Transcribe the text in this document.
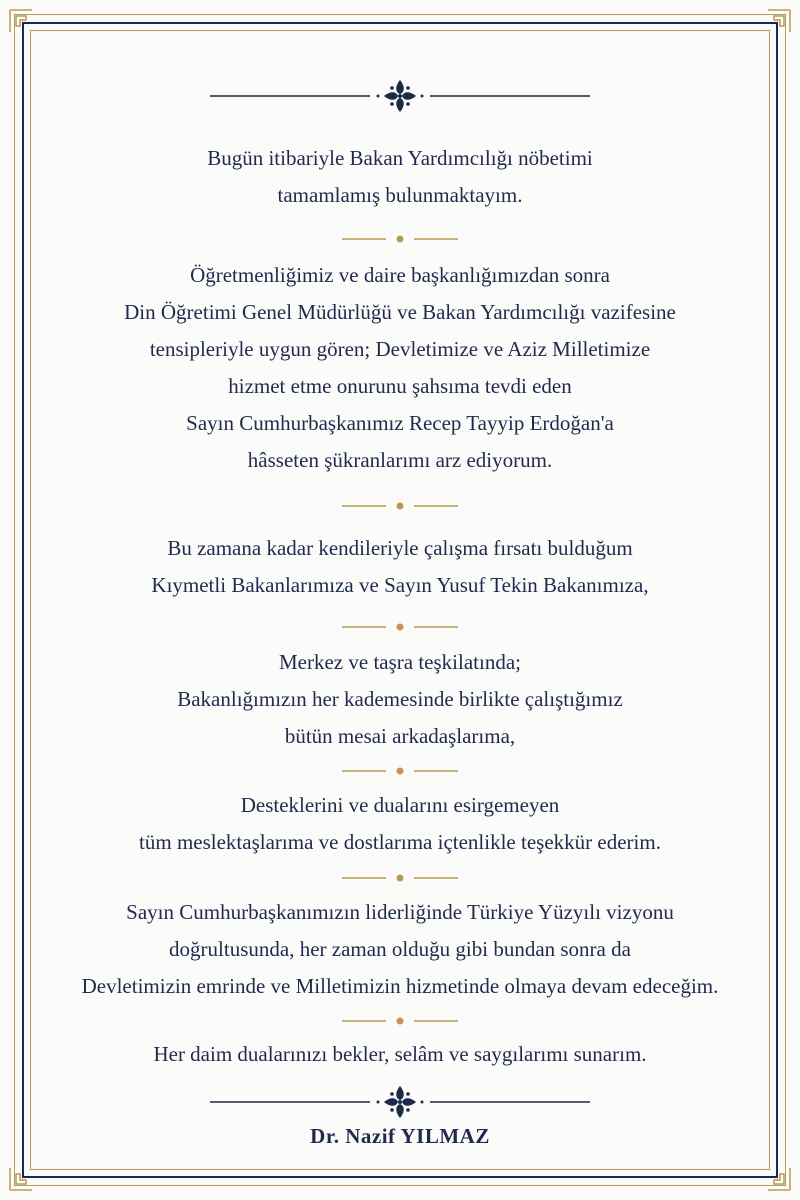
Bugün itibariyle Bakan Yardımcılığı nöbetimi
tamamlamış bulunmaktayım.
Öğretmenliğimiz ve daire başkanlığımızdan sonra
Din Öğretimi Genel Müdürlüğü ve Bakan Yardımcılığı vazifesine
tensipleriyle uygun gören; Devletimize ve Aziz Milletimize
hizmet etme onurunu şahsıma tevdi eden
Sayın Cumhurbaşkanımız Recep Tayyip Erdoğan'a
hâsseten şükranlarımı arz ediyorum.
Bu zamana kadar kendileriyle çalışma fırsatı bulduğum
Kıymetli Bakanlarımıza ve Sayın Yusuf Tekin Bakanımıza,
Merkez ve taşra teşkilatında;
Bakanlığımızın her kademesinde birlikte çalıştığımız
bütün mesai arkadaşlarıma,
Desteklerini ve dualarını esirgemeyen
tüm meslektaşlarıma ve dostlarıma içtenlikle teşekkür ederim.
Sayın Cumhurbaşkanımızın liderliğinde Türkiye Yüzyılı vizyonu
doğrultusunda, her zaman olduğu gibi bundan sonra da
Devletimizin emrinde ve Milletimizin hizmetinde olmaya devam edeceğim.
Her daim dualarınızı bekler, selâm ve saygılarımı sunarım.
Dr. Nazif YILMAZ
